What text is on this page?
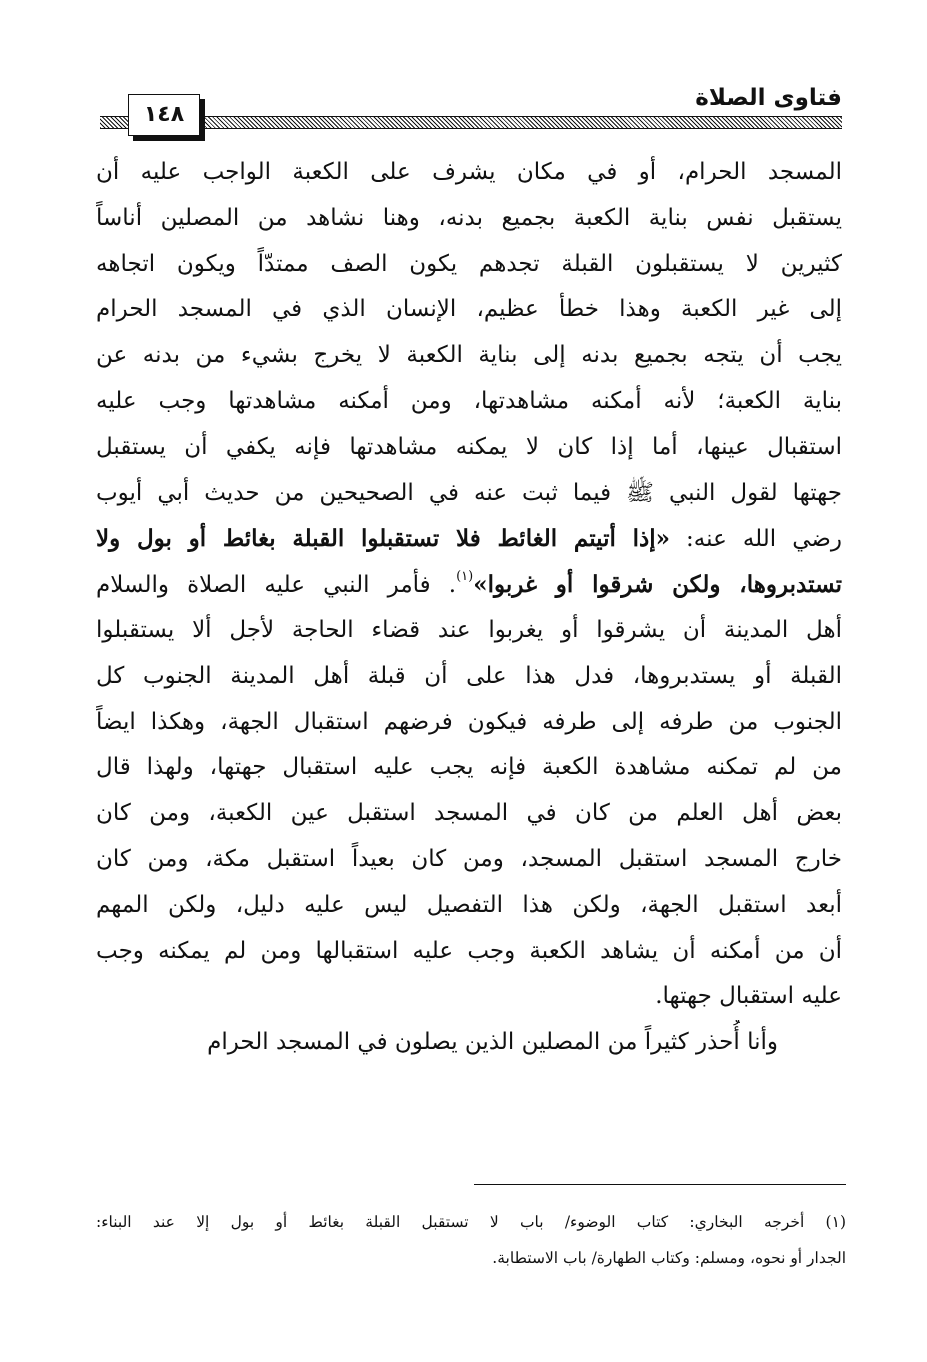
فتاوى الصلاة
١٤٨
المسجد الحرام، أو في مكان يشرف على الكعبة الواجب عليه أن
يستقبل نفس بناية الكعبة بجميع بدنه، وهنا نشاهد من المصلين أناساً
كثيرين لا يستقبلون القبلة تجدهم يكون الصف ممتدّاً ويكون اتجاهه
إلى غير الكعبة وهذا خطأ عظيم، الإنسان الذي في المسجد الحرام
يجب أن يتجه بجميع بدنه إلى بناية الكعبة لا يخرج بشيء من بدنه عن
بناية الكعبة؛ لأنه أمكنه مشاهدتها، ومن أمكنه مشاهدتها وجب عليه
استقبال عينها، أما إذا كان لا يمكنه مشاهدتها فإنه يكفي أن يستقبل
جهتها لقول النبي ﷺ فيما ثبت عنه في الصحيحين من حديث أبي أيوب
رضي الله عنه: «إذا أتيتم الغائط فلا تستقبلوا القبلة بغائط أو بول ولا
تستدبروها، ولكن شرقوا أو غربوا»$^{(١)}$. فأمر النبي عليه الصلاة والسلام
أهل المدينة أن يشرقوا أو يغربوا عند قضاء الحاجة لأجل ألا يستقبلوا
القبلة أو يستدبروها، فدل هذا على أن قبلة أهل المدينة الجنوب كل
الجنوب من طرفه إلى طرفه فيكون فرضهم استقبال الجهة، وهكذا ايضاً
من لم تمكنه مشاهدة الكعبة فإنه يجب عليه استقبال جهتها، ولهذا قال
بعض أهل العلم من كان في المسجد استقبل عين الكعبة، ومن كان
خارج المسجد استقبل المسجد، ومن كان بعيداً استقبل مكة، ومن كان
أبعد استقبل الجهة، ولكن هذا التفصيل ليس عليه دليل، ولكن المهم
أن من أمكنه أن يشاهد الكعبة وجب عليه استقبالها ومن لم يمكنه وجب
عليه استقبال جهتها.
وأنا أُحذر كثيراً من المصلين الذين يصلون في المسجد الحرام
(١) أخرجه البخاري: كتاب الوضوء/ باب لا تستقبل القبلة بغائط أو بول إلا عند البناء:
الجدار أو نحوه، ومسلم: وكتاب الطهارة/ باب الاستطابة.
